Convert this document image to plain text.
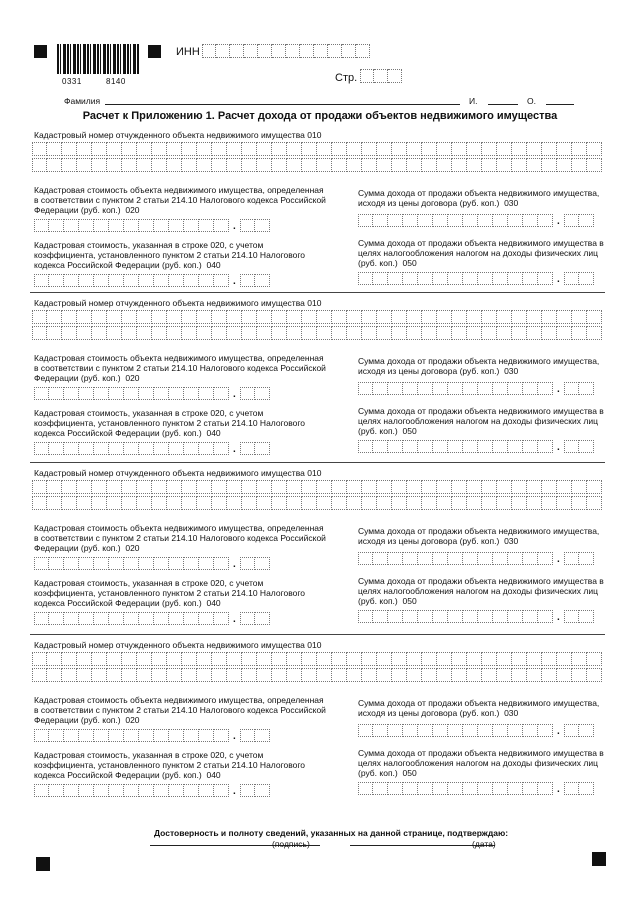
0331	8140
ИНН
Стр.
Фамилия	И.	О.
Расчет к Приложению 1. Расчет дохода от продажи объектов недвижимого имущества
Кадастровый номер отчужденного объекта недвижимого имущества 010
Кадастровая стоимость объекта недвижимого имущества, определенная
в соответствии с пунктом 2 статьи 214.10 Налогового кодекса Российской
Федерации (руб. коп.) 020
.
Сумма дохода от продажи объекта недвижимого имущества,
исходя из цены договора (руб. коп.) 030
.
Кадастровая стоимость, указанная в строке 020, с учетом
коэффициента, установленного пунктом 2 статьи 214.10 Налогового
кодекса Российской Федерации (руб. коп.) 040
.
Сумма дохода от продажи объекта недвижимого имущества в
целях налогообложения налогом на доходы физических лиц
(руб. коп.) 050
.
Кадастровый номер отчужденного объекта недвижимого имущества 010
Кадастровая стоимость объекта недвижимого имущества, определенная
в соответствии с пунктом 2 статьи 214.10 Налогового кодекса Российской
Федерации (руб. коп.) 020
.
Сумма дохода от продажи объекта недвижимого имущества,
исходя из цены договора (руб. коп.) 030
.
Кадастровая стоимость, указанная в строке 020, с учетом
коэффициента, установленного пунктом 2 статьи 214.10 Налогового
кодекса Российской Федерации (руб. коп.) 040
.
Сумма дохода от продажи объекта недвижимого имущества в
целях налогообложения налогом на доходы физических лиц
(руб. коп.) 050
.
Кадастровый номер отчужденного объекта недвижимого имущества 010
Кадастровая стоимость объекта недвижимого имущества, определенная
в соответствии с пунктом 2 статьи 214.10 Налогового кодекса Российской
Федерации (руб. коп.) 020
.
Сумма дохода от продажи объекта недвижимого имущества,
исходя из цены договора (руб. коп.) 030
.
Кадастровая стоимость, указанная в строке 020, с учетом
коэффициента, установленного пунктом 2 статьи 214.10 Налогового
кодекса Российской Федерации (руб. коп.) 040
.
Сумма дохода от продажи объекта недвижимого имущества в
целях налогообложения налогом на доходы физических лиц
(руб. коп.) 050
.
Кадастровый номер отчужденного объекта недвижимого имущества 010
Кадастровая стоимость объекта недвижимого имущества, определенная
в соответствии с пунктом 2 статьи 214.10 Налогового кодекса Российской
Федерации (руб. коп.) 020
.
Сумма дохода от продажи объекта недвижимого имущества,
исходя из цены договора (руб. коп.) 030
.
Кадастровая стоимость, указанная в строке 020, с учетом
коэффициента, установленного пунктом 2 статьи 214.10 Налогового
кодекса Российской Федерации (руб. коп.) 040
.
Сумма дохода от продажи объекта недвижимого имущества в
целях налогообложения налогом на доходы физических лиц
(руб. коп.) 050
.
Достоверность и полноту сведений, указанных на данной странице, подтверждаю:
(подпись)	(дата)
